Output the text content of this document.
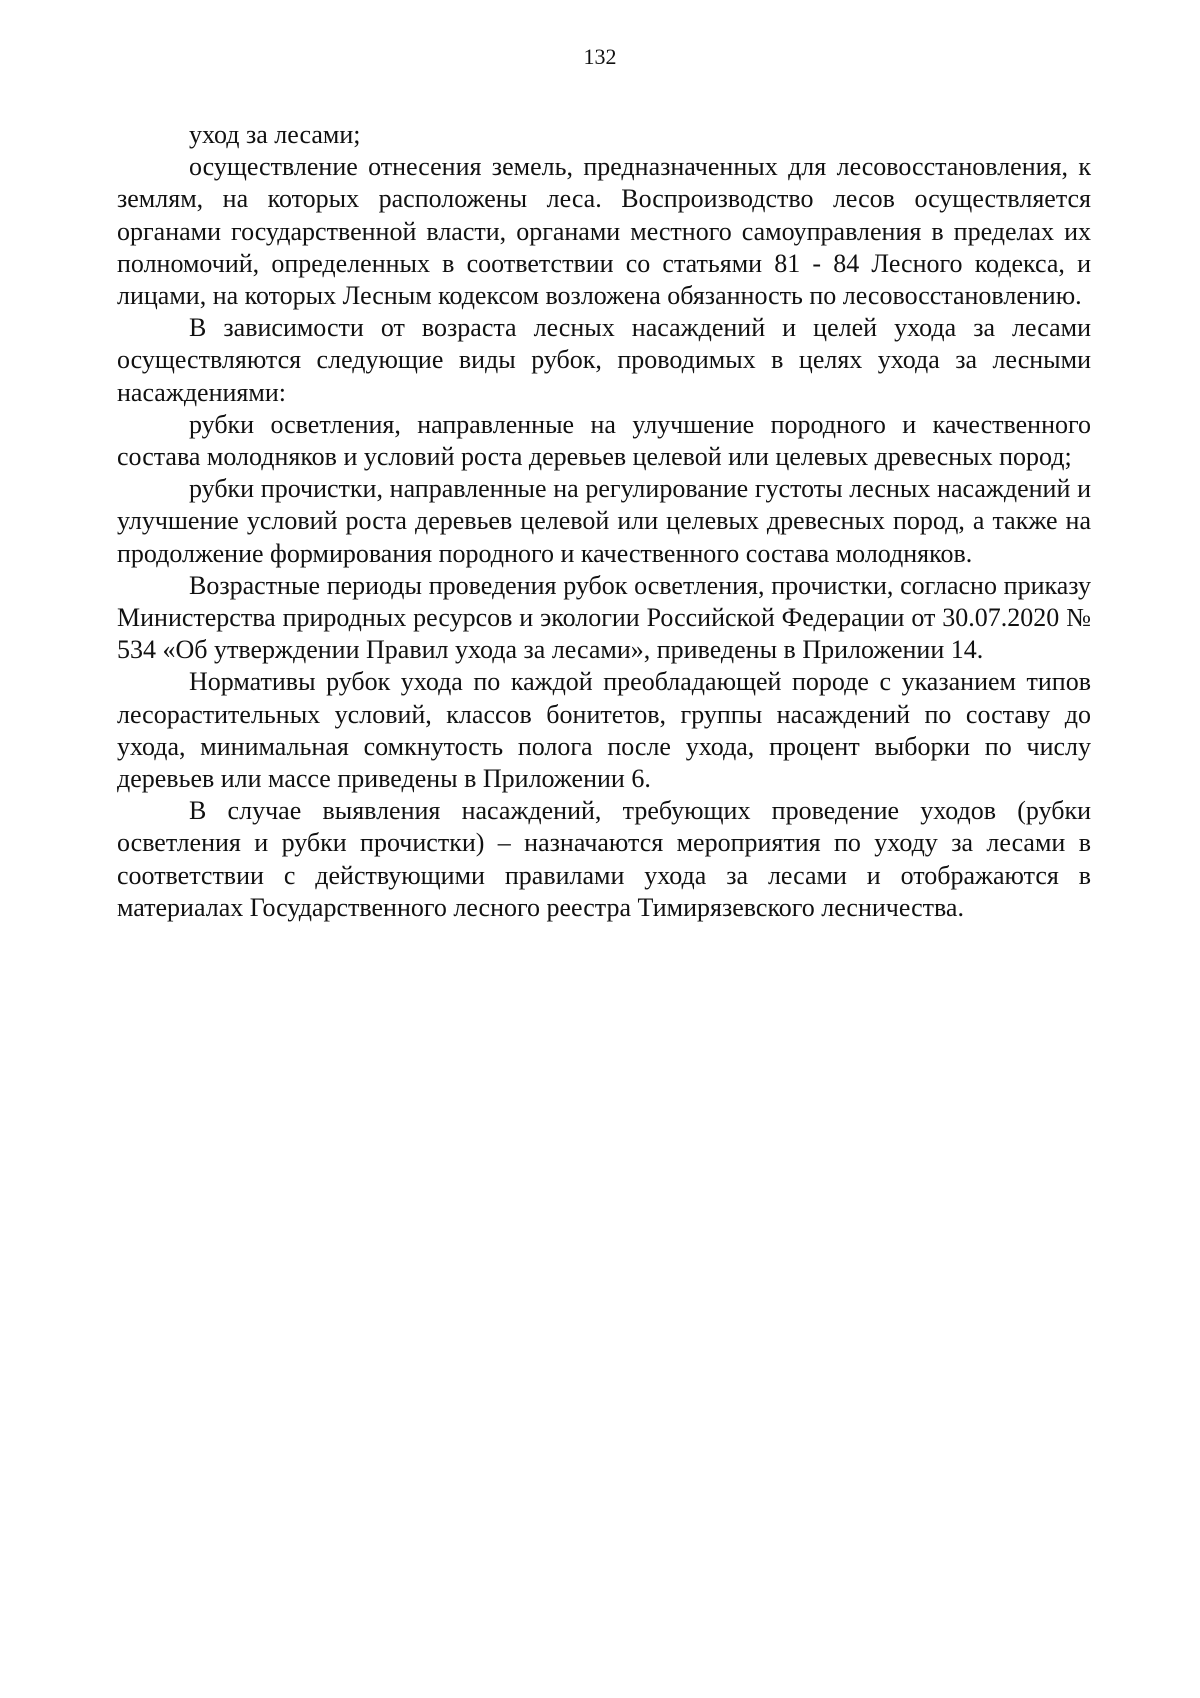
132

уход за лесами;

осуществление отнесения земель, предназначенных для лесовосстановления, к землям, на которых расположены леса. Воспроизводство лесов осуществляется органами государственной власти, органами местного самоуправления в пределах их полномочий, определенных в соответствии со статьями 81 - 84 Лесного кодекса, и лицами, на которых Лесным кодексом возложена обязанность по лесовосстановлению.

В зависимости от возраста лесных насаждений и целей ухода за лесами осуществляются следующие виды рубок, проводимых в целях ухода за лесными насаждениями:

рубки осветления, направленные на улучшение породного и качественного состава молодняков и условий роста деревьев целевой или целевых древесных пород;

рубки прочистки, направленные на регулирование густоты лесных насаждений и улучшение условий роста деревьев целевой или целевых древесных пород, а также на продолжение формирования породного и качественного состава молодняков.

Возрастные периоды проведения рубок осветления, прочистки, согласно приказу Министерства природных ресурсов и экологии Российской Федерации от 30.07.2020 № 534 «Об утверждении Правил ухода за лесами», приведены в Приложении 14.

Нормативы рубок ухода по каждой преобладающей породе с указанием типов лесорастительных условий, классов бонитетов, группы насаждений по составу до ухода, минимальная сомкнутость полога после ухода, процент выборки по числу деревьев или массе приведены в Приложении 6.

В случае выявления насаждений, требующих проведение уходов (рубки осветления и рубки прочистки) – назначаются мероприятия по уходу за лесами в соответствии с действующими правилами ухода за лесами и отображаются в материалах Государственного лесного реестра Тимирязевского лесничества.
